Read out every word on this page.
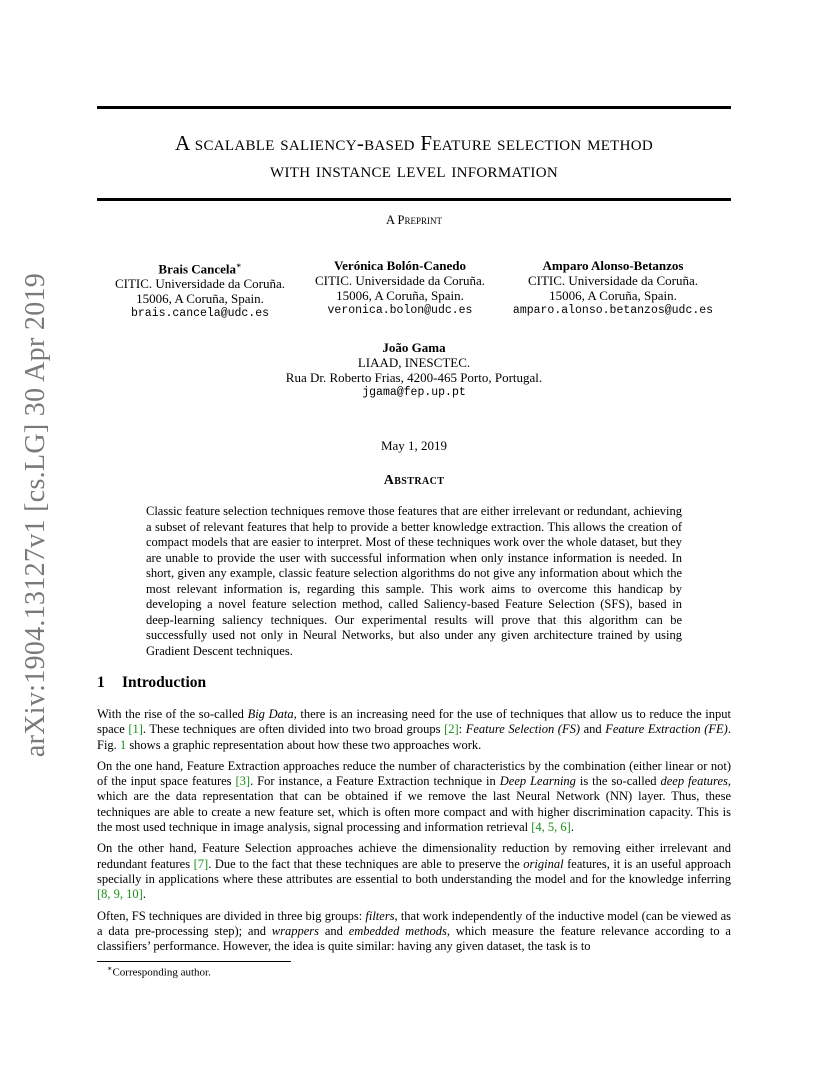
arXiv:1904.13127v1 [cs.LG] 30 Apr 2019
A scalable saliency-based Feature selection method
with instance level information
A Preprint
Brais Cancela∗
CITIC. Universidade da Coruña.
15006, A Coruña, Spain.
brais.cancela@udc.es
Verónica Bolón-Canedo
CITIC. Universidade da Coruña.
15006, A Coruña, Spain.
veronica.bolon@udc.es
Amparo Alonso-Betanzos
CITIC. Universidade da Coruña.
15006, A Coruña, Spain.
amparo.alonso.betanzos@udc.es
João Gama
LIAAD, INESCTEC.
Rua Dr. Roberto Frias, 4200-465 Porto, Portugal.
jgama@fep.up.pt
May 1, 2019
Abstract

Classic feature selection techniques remove those features that are either irrelevant or redundant, achieving a subset of relevant features that help to provide a better knowledge extraction. This allows the creation of compact models that are easier to interpret. Most of these techniques work over the whole dataset, but they are unable to provide the user with successful information when only instance information is needed. In short, given any example, classic feature selection algorithms do not give any information about which the most relevant information is, regarding this sample. This work aims to overcome this handicap by developing a novel feature selection method, called Saliency-based Feature Selection (SFS), based in deep-learning saliency techniques. Our experimental results will prove that this algorithm can be successfully used not only in Neural Networks, but also under any given architecture trained by using Gradient Descent techniques.

1 Introduction

With the rise of the so-called Big Data, there is an increasing need for the use of techniques that allow us to reduce the input space [1]. These techniques are often divided into two broad groups [2]: Feature Selection (FS) and Feature Extraction (FE). Fig. 1 shows a graphic representation about how these two approaches work.

On the one hand, Feature Extraction approaches reduce the number of characteristics by the combination (either linear or not) of the input space features [3]. For instance, a Feature Extraction technique in Deep Learning is the so-called deep features, which are the data representation that can be obtained if we remove the last Neural Network (NN) layer. Thus, these techniques are able to create a new feature set, which is often more compact and with higher discrimination capacity. This is the most used technique in image analysis, signal processing and information retrieval [4, 5, 6].

On the other hand, Feature Selection approaches achieve the dimensionality reduction by removing either irrelevant and redundant features [7]. Due to the fact that these techniques are able to preserve the original features, it is an useful approach specially in applications where these attributes are essential to both understanding the model and for the knowledge inferring [8, 9, 10].

Often, FS techniques are divided in three big groups: filters, that work independently of the inductive model (can be viewed as a data pre-processing step); and wrappers and embedded methods, which measure the feature relevance according to a classifiers’ performance. However, the idea is quite similar: having any given dataset, the task is to

∗Corresponding author.
